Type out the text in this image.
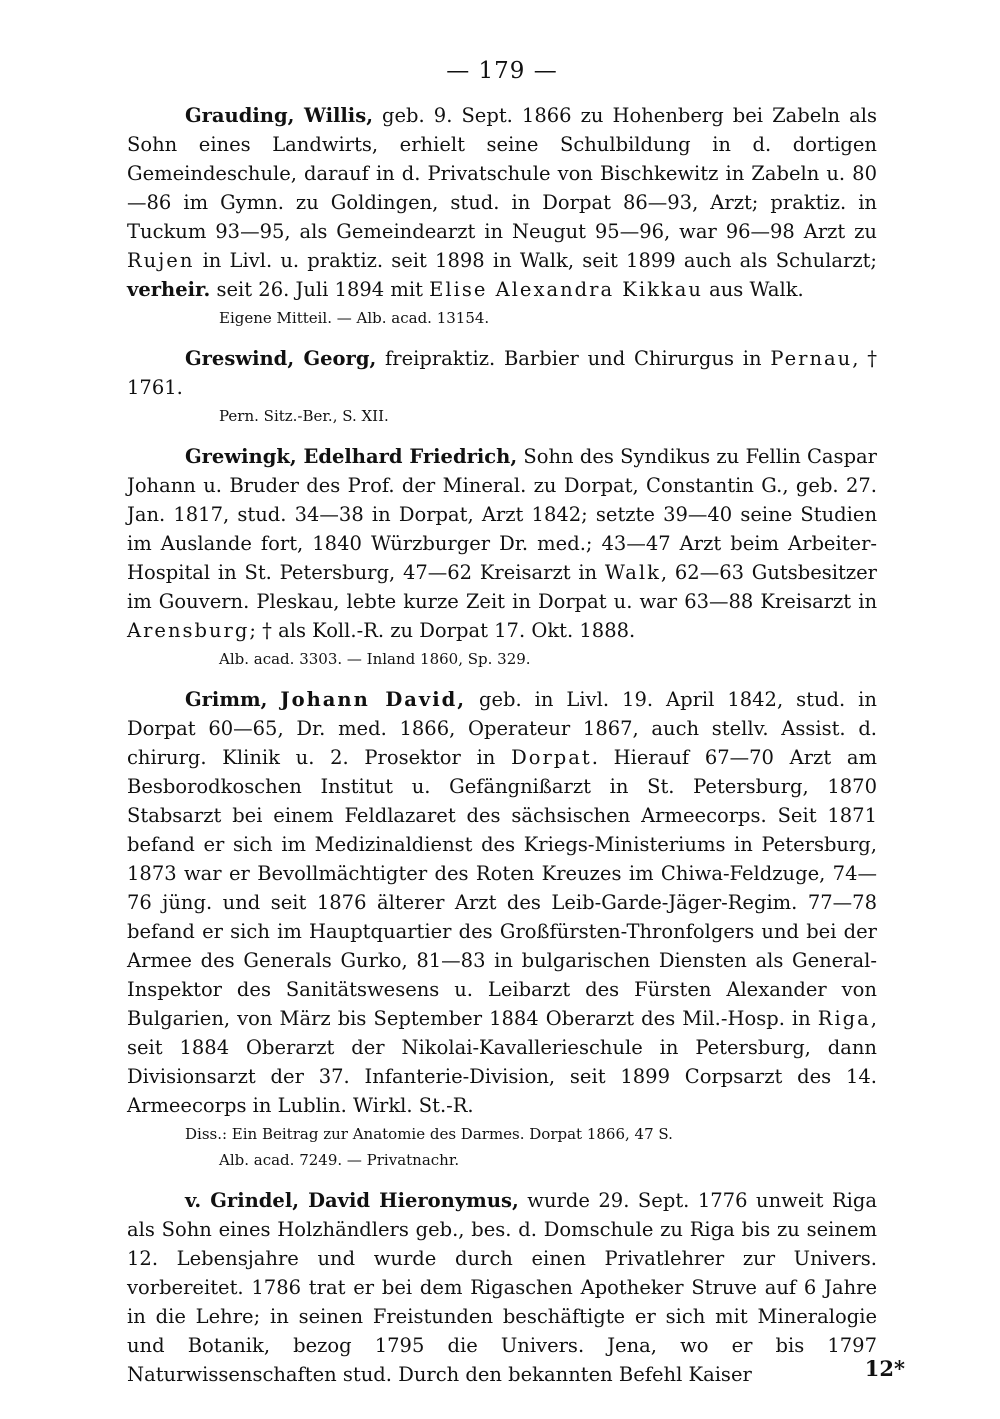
— 179 —

Grauding, Willis, geb. 9. Sept. 1866 zu Hohenberg bei Zabeln als Sohn eines Landwirts, erhielt seine Schulbildung in d. dortigen Gemeindeschule, darauf in d. Privatschule von Bischkewitz in Zabeln u. 80—86 im Gymn. zu Goldingen, stud. in Dorpat 86—93, Arzt; praktiz. in Tuckum 93—95, als Gemeindearzt in Neugut 95—96, war 96—98 Arzt zu Rujen in Livl. u. praktiz. seit 1898 in Walk, seit 1899 auch als Schularzt; verheir. seit 26. Juli 1894 mit Elise Alexandra Kikkau aus Walk.

Eigene Mitteil. — Alb. acad. 13154.

Greswind, Georg, freipraktiz. Barbier und Chirurgus in Pernau, † 1761.

Pern. Sitz.-Ber., S. XII.

Grewingk, Edelhard Friedrich, Sohn des Syndikus zu Fellin Caspar Johann u. Bruder des Prof. der Mineral. zu Dorpat, Constantin G., geb. 27. Jan. 1817, stud. 34—38 in Dorpat, Arzt 1842; setzte 39—40 seine Studien im Auslande fort, 1840 Würzburger Dr. med.; 43—47 Arzt beim Arbeiter-Hospital in St. Petersburg, 47—62 Kreisarzt in Walk, 62—63 Gutsbesitzer im Gouvern. Pleskau, lebte kurze Zeit in Dorpat u. war 63—88 Kreisarzt in Arensburg; † als Koll.-R. zu Dorpat 17. Okt. 1888.

Alb. acad. 3303. — Inland 1860, Sp. 329.

Grimm, Johann David, geb. in Livl. 19. April 1842, stud. in Dorpat 60—65, Dr. med. 1866, Operateur 1867, auch stellv. Assist. d. chirurg. Klinik u. 2. Prosektor in Dorpat. Hierauf 67—70 Arzt am Besborodkoschen Institut u. Gefängnißarzt in St. Petersburg, 1870 Stabsarzt bei einem Feldlazaret des sächsischen Armeecorps. Seit 1871 befand er sich im Medizinaldienst des Kriegs-Ministeriums in Petersburg, 1873 war er Bevollmächtigter des Roten Kreuzes im Chiwa-Feldzuge, 74—76 jüng. und seit 1876 älterer Arzt des Leib-Garde-Jäger-Regim. 77—78 befand er sich im Hauptquartier des Großfürsten-Thronfolgers und bei der Armee des Generals Gurko, 81—83 in bulgarischen Diensten als General-Inspektor des Sanitätswesens u. Leibarzt des Fürsten Alexander von Bulgarien, von März bis September 1884 Oberarzt des Mil.-Hosp. in Riga, seit 1884 Oberarzt der Nikolai-Kavallerieschule in Petersburg, dann Divisionsarzt der 37. Infanterie-Division, seit 1899 Corpsarzt des 14. Armeecorps in Lublin. Wirkl. St.-R.

Diss.: Ein Beitrag zur Anatomie des Darmes. Dorpat 1866, 47 S.

Alb. acad. 7249. — Privatnachr.

v. Grindel, David Hieronymus, wurde 29. Sept. 1776 unweit Riga als Sohn eines Holzhändlers geb., bes. d. Domschule zu Riga bis zu seinem 12. Lebensjahre und wurde durch einen Privatlehrer zur Univers. vorbereitet. 1786 trat er bei dem Rigaschen Apotheker Struve auf 6 Jahre in die Lehre; in seinen Freistunden beschäftigte er sich mit Mineralogie und Botanik, bezog 1795 die Univers. Jena, wo er bis 1797 Naturwissenschaften stud. Durch den bekannten Befehl Kaiser	12*
